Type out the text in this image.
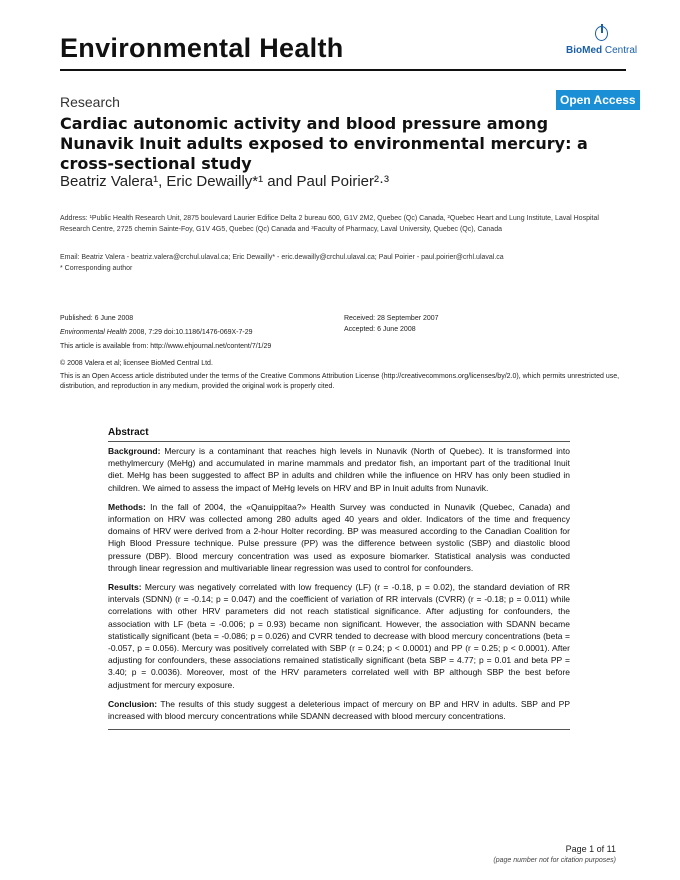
Environmental Health	BioMed Central
Research	Open Access
Cardiac autonomic activity and blood pressure among Nunavik Inuit adults exposed to environmental mercury: a cross-sectional study
Beatriz Valera¹, Eric Dewailly*¹ and Paul Poirier²·³
Address: ¹Public Health Research Unit, 2875 boulevard Laurier Edifice Delta 2 bureau 600, G1V 2M2, Quebec (Qc) Canada, ²Quebec Heart and Lung Institute, Laval Hospital Research Centre, 2725 chemin Sainte-Foy, G1V 4G5, Quebec (Qc) Canada and ³Faculty of Pharmacy, Laval University, Quebec (Qc), Canada
Email: Beatriz Valera - beatriz.valera@crchul.ulaval.ca; Eric Dewailly* - eric.dewailly@crchul.ulaval.ca; Paul Poirier - paul.poirier@crhl.ulaval.ca
* Corresponding author
Published: 6 June 2008	Received: 28 September 2007
Accepted: 6 June 2008
Environmental Health 2008, 7:29 doi:10.1186/1476-069X-7-29
This article is available from: http://www.ehjournal.net/content/7/1/29
© 2008 Valera et al; licensee BioMed Central Ltd.
This is an Open Access article distributed under the terms of the Creative Commons Attribution License (http://creativecommons.org/licenses/by/2.0), which permits unrestricted use, distribution, and reproduction in any medium, provided the original work is properly cited.
Abstract

Background: Mercury is a contaminant that reaches high levels in Nunavik (North of Quebec). It is transformed into methylmercury (MeHg) and accumulated in marine mammals and predator fish, an important part of the traditional Inuit diet. MeHg has been suggested to affect BP in adults and children while the influence on HRV has only been studied in children. We aimed to assess the impact of MeHg levels on HRV and BP in Inuit adults from Nunavik.

Methods: In the fall of 2004, the «Qanuippitaa?» Health Survey was conducted in Nunavik (Quebec, Canada) and information on HRV was collected among 280 adults aged 40 years and older. Indicators of the time and frequency domains of HRV were derived from a 2-hour Holter recording. BP was measured according to the Canadian Coalition for High Blood Pressure technique. Pulse pressure (PP) was the difference between systolic (SBP) and diastolic blood pressure (DBP). Blood mercury concentration was used as exposure biomarker. Statistical analysis was conducted through linear regression and multivariable linear regression was used to control for confounders.

Results: Mercury was negatively correlated with low frequency (LF) (r = -0.18, p = 0.02), the standard deviation of RR intervals (SDNN) (r = -0.14; p = 0.047) and the coefficient of variation of RR intervals (CVRR) (r = -0.18; p = 0.011) while correlations with other HRV parameters did not reach statistical significance. After adjusting for confounders, the association with LF (beta = -0.006; p = 0.93) became non significant. However, the association with SDANN became statistically significant (beta = -0.086; p = 0.026) and CVRR tended to decrease with blood mercury concentrations (beta = -0.057, p = 0.056). Mercury was positively correlated with SBP (r = 0.24; p < 0.0001) and PP (r = 0.25; p < 0.0001). After adjusting for confounders, these associations remained statistically significant (beta SBP = 4.77; p = 0.01 and beta PP = 3.40; p = 0.0036). Moreover, most of the HRV parameters correlated well with BP although SBP the best before adjustment for mercury exposure.

Conclusion: The results of this study suggest a deleterious impact of mercury on BP and HRV in adults. SBP and PP increased with blood mercury concentrations while SDANN decreased with blood mercury concentrations.

Page 1 of 11
(page number not for citation purposes)
